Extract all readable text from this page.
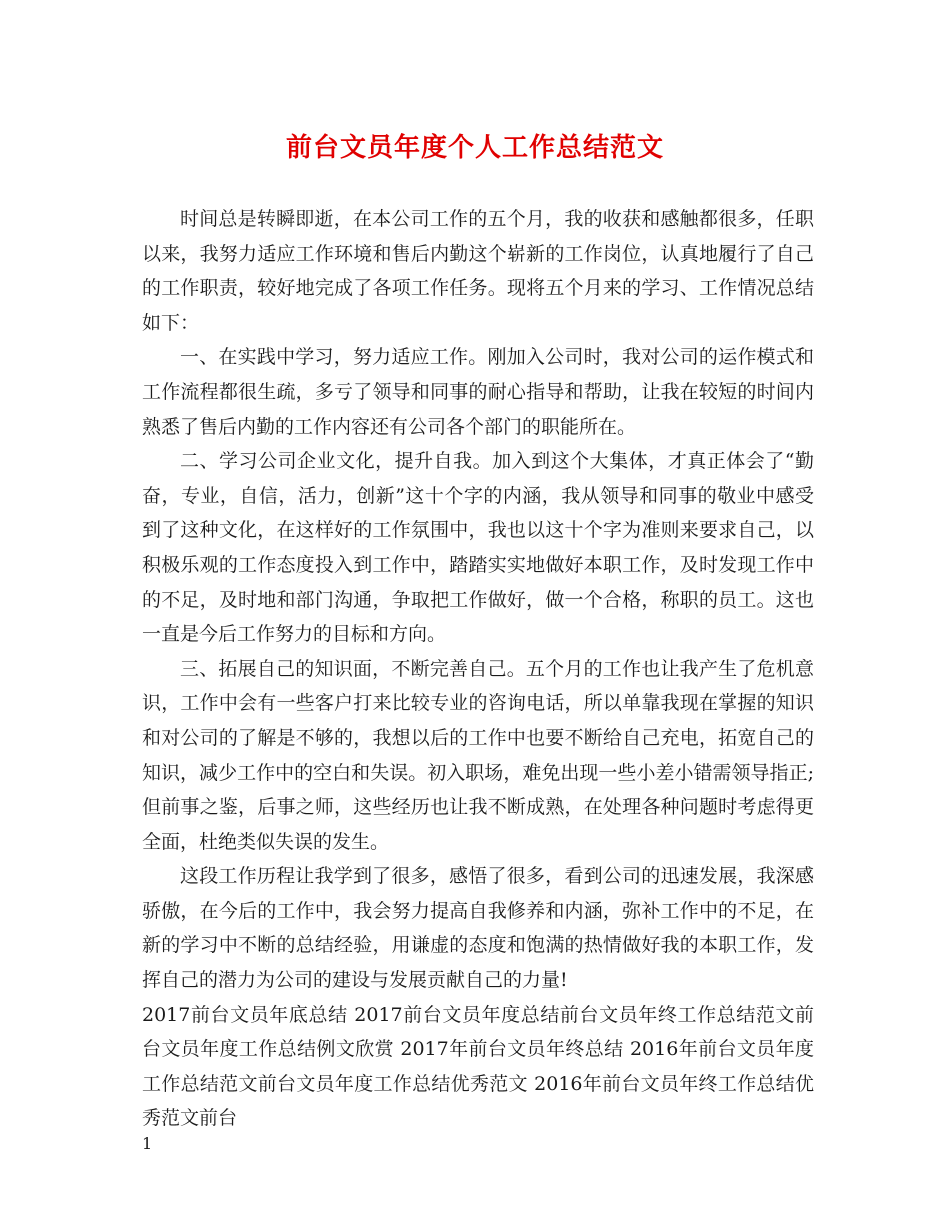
前台文员年度个人工作总结范文

时间总是转瞬即逝，在本公司工作的五个月，我的收获和感触都很多，任职以来，我努力适应工作环境和售后内勤这个崭新的工作岗位，认真地履行了自己的工作职责，较好地完成了各项工作任务。现将五个月来的学习、工作情况总结如下：

一、在实践中学习，努力适应工作。刚加入公司时，我对公司的运作模式和工作流程都很生疏，多亏了领导和同事的耐心指导和帮助，让我在较短的时间内熟悉了售后内勤的工作内容还有公司各个部门的职能所在。

二、学习公司企业文化，提升自我。加入到这个大集体，才真正体会了“勤奋，专业，自信，活力，创新”这十个字的内涵，我从领导和同事的敬业中感受到了这种文化，在这样好的工作氛围中，我也以这十个字为准则来要求自己，以积极乐观的工作态度投入到工作中，踏踏实实地做好本职工作，及时发现工作中的不足，及时地和部门沟通，争取把工作做好，做一个合格，称职的员工。这也一直是今后工作努力的目标和方向。

三、拓展自己的知识面，不断完善自己。五个月的工作也让我产生了危机意识，工作中会有一些客户打来比较专业的咨询电话，所以单靠我现在掌握的知识和对公司的了解是不够的，我想以后的工作中也要不断给自己充电，拓宽自己的知识，减少工作中的空白和失误。初入职场，难免出现一些小差小错需领导指正;但前事之鉴，后事之师，这些经历也让我不断成熟，在处理各种问题时考虑得更全面，杜绝类似失误的发生。

这段工作历程让我学到了很多，感悟了很多，看到公司的迅速发展，我深感骄傲，在今后的工作中，我会努力提高自我修养和内涵，弥补工作中的不足，在新的学习中不断的总结经验，用谦虚的态度和饱满的热情做好我的本职工作，发挥自己的潜力为公司的建设与发展贡献自己的力量!

2017前台文员年底总结 2017前台文员年度总结前台文员年终工作总结范文前台文员年度工作总结例文欣赏 2017年前台文员年终总结 2016年前台文员年度工作总结范文前台文员年度工作总结优秀范文 2016年前台文员年终工作总结优秀范文前台

1
